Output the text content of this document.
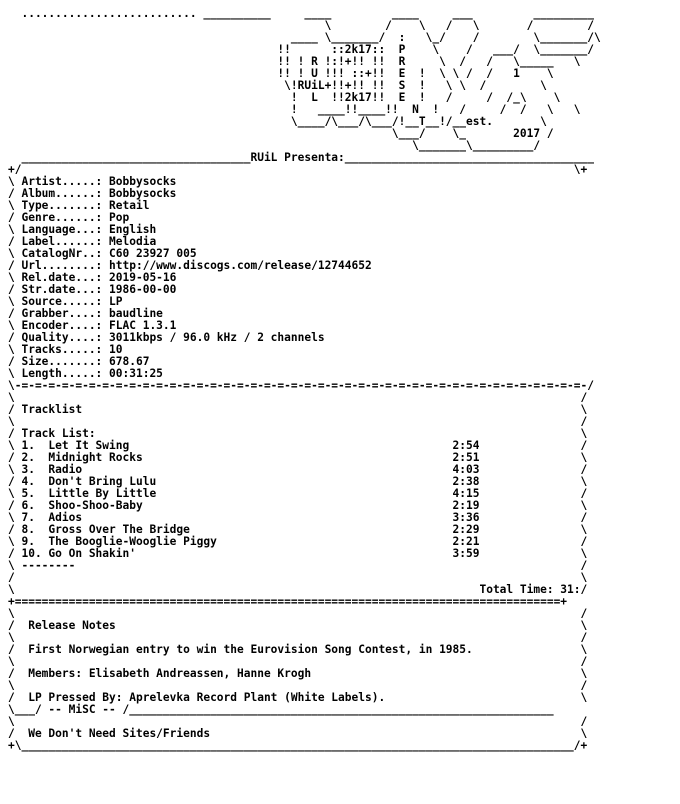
.......................... __________     ____         ____     ___         _________
\        /    \   /   \       /        /
____ \_______/  :   \_/    /        \_______/\
!!      ::2k17::  P    \    /   ___/  \_______/
!! ! R !:!+!! !!  R     \  /   /   \_____   \
!! ! U !!! ::+!!  E  !  \ \ /  /   1    \
\!RUiL+!!+!! !!  S  !   \ \  /        \
!  L  !!2k17!!  E  !   /     /  /_\    \
!   ____!!____!!  N  !   /     /  /   \   \
\____/\___/\___/!__T__!/__est.       \
\___/    \_       2017 /
\_______\_________/
__________________________________RUiL Presenta:_____________________________________
+/                                                                                  \+
\ Artist.....: Bobbysocks
/ Album......: Bobbysocks
\ Type.......: Retail
/ Genre......: Pop
\ Language...: English
/ Label......: Melodia
\ CatalogNr..: C60 23927 005
/ Url........: http://www.discogs.com/release/12744652
\ Rel.date...: 2019-05-16
/ Str.date...: 1986-00-00
\ Source.....: LP
/ Grabber....: baudline
\ Encoder....: FLAC 1.3.1
/ Quality....: 3011kbps / 96.0 kHz / 2 channels
\ Tracks.....: 10
/ Size.......: 678.67
\ Length.....: 00:31:25
\-=-=-=-=-=-=-=-=-=-=-=-=-=-=-=-=-=-=-=-=-=-=-=-=-=-=-=-=-=-=-=-=-=-=-=-=-=-=-=-=-=-=-/
\                                                                                    /
/ Tracklist                                                                          \
\                                                                                    /
/ Track List:                                                                        \
\ 1.  Let It Swing                                                2:54               /
/ 2.  Midnight Rocks                                              2:51               \
\ 3.  Radio                                                       4:03               /
/ 4.  Don't Bring Lulu                                            2:38               \
\ 5.  Little By Little                                            4:15               /
/ 6.  Shoo-Shoo-Baby                                              2:19               \
\ 7.  Adios                                                       3:36               /
/ 8.  Gross Over The Bridge                                       2:29               \
\ 9.  The Booglie-Wooglie Piggy                                   2:21               /
/ 10. Go On Shakin'                                               3:59               \
\ --------                                                                           /
/                                                                                    \
\                                                                     Total Time: 31:/
+=================================================================================+
\                                                                                    /
/  Release Notes                                                                     \
\                                                                                    /
/  First Norwegian entry to win the Eurovision Song Contest, in 1985.                \
\                                                                                    /
/  Members: Elisabeth Andreassen, Hanne Krogh                                        \
\                                                                                    /
/  LP Pressed By: Aprelevka Record Plant (White Labels).                             \
\___/ -- MiSC -- /_______________________________________________________________
\                                                                                    /
/  We Don't Need Sites/Friends                                                       \
+\__________________________________________________________________________________/+
